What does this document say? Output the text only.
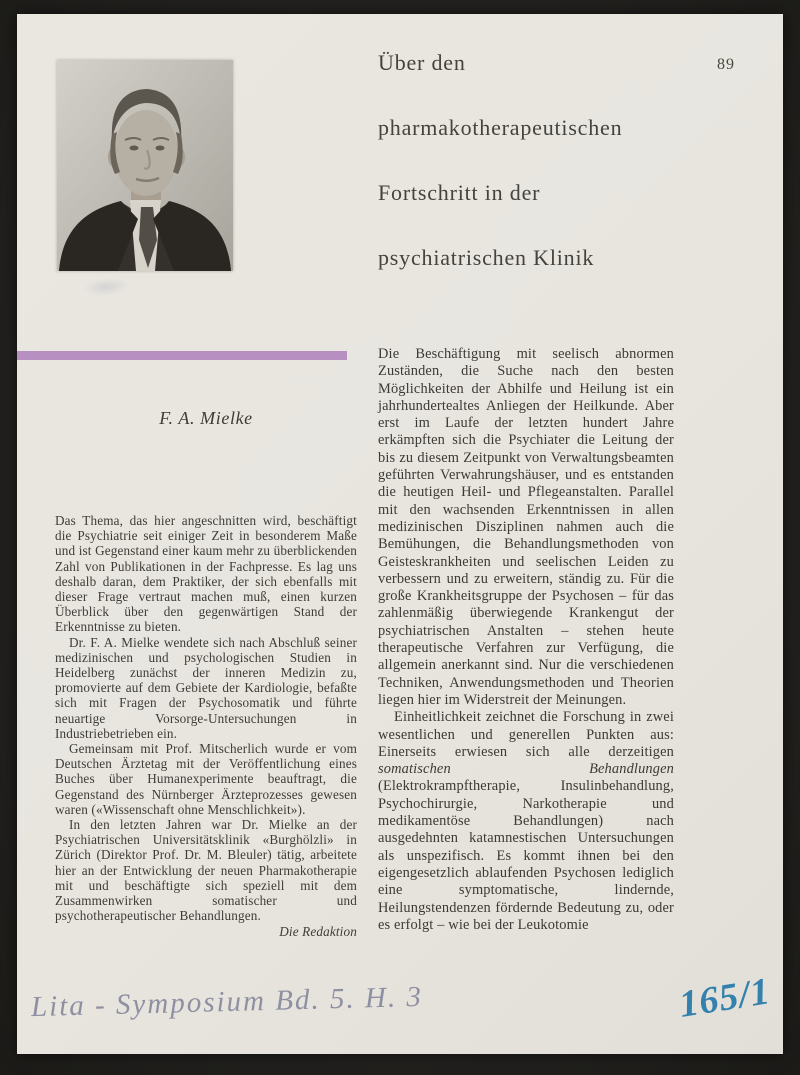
Über den
pharmakotherapeutischen
Fortschritt in der
psychiatrischen Klinik
89
F. A. Mielke

Das Thema, das hier angeschnitten wird, beschäftigt die Psychiatrie seit einiger Zeit in besonderem Maße und ist Gegenstand einer kaum mehr zu überblickenden Zahl von Publikationen in der Fachpresse. Es lag uns deshalb daran, dem Praktiker, der sich ebenfalls mit dieser Frage vertraut machen muß, einen kurzen Überblick über den gegenwärtigen Stand der Erkenntnisse zu bieten.

Dr. F. A. Mielke wendete sich nach Abschluß seiner medizinischen und psychologischen Studien in Heidelberg zunächst der inneren Medizin zu, promovierte auf dem Gebiete der Kardiologie, befaßte sich mit Fragen der Psychosomatik und führte neuartige Vorsorge-Untersuchungen in Industriebetrieben ein.

Gemeinsam mit Prof. Mitscherlich wurde er vom Deutschen Ärztetag mit der Veröffentlichung eines Buches über Humanexperimente beauftragt, die Gegenstand des Nürnberger Ärzteprozesses gewesen waren («Wissenschaft ohne Menschlichkeit»).

In den letzten Jahren war Dr. Mielke an der Psychiatrischen Universitätsklinik «Burghölzli» in Zürich (Direktor Prof. Dr. M. Bleuler) tätig, arbeitete hier an der Entwicklung der neuen Pharmakotherapie mit und beschäftigte sich speziell mit dem Zusammenwirken somatischer und psychotherapeutischer Behandlungen.

Die Redaktion

Die Beschäftigung mit seelisch abnormen Zuständen, die Suche nach den besten Möglichkeiten der Abhilfe und Heilung ist ein jahrhundertealtes Anliegen der Heilkunde. Aber erst im Laufe der letzten hundert Jahre erkämpften sich die Psychiater die Leitung der bis zu diesem Zeitpunkt von Verwaltungsbeamten geführten Verwahrungshäuser, und es entstanden die heutigen Heil- und Pflegeanstalten. Parallel mit den wachsenden Erkenntnissen in allen medizinischen Disziplinen nahmen auch die Bemühungen, die Behandlungsmethoden von Geisteskrankheiten und seelischen Leiden zu verbessern und zu erweitern, ständig zu. Für die große Krankheitsgruppe der Psychosen – für das zahlenmäßig überwiegende Krankengut der psychiatrischen Anstalten – stehen heute therapeutische Verfahren zur Verfügung, die allgemein anerkannt sind. Nur die verschiedenen Techniken, Anwendungsmethoden und Theorien liegen hier im Widerstreit der Meinungen.

Einheitlichkeit zeichnet die Forschung in zwei wesentlichen und generellen Punkten aus: Einerseits erwiesen sich alle derzeitigen somatischen Behandlungen (Elektrokrampftherapie, Insulinbehandlung, Psychochirurgie, Narkotherapie und medikamentöse Behandlungen) nach ausgedehnten katamnestischen Untersuchungen als unspezifisch. Es kommt ihnen bei den eigengesetzlich ablaufenden Psychosen lediglich eine symptomatische, lindernde, Heilungstendenzen fördernde Bedeutung zu, oder es erfolgt – wie bei der Leukotomie

Lita - Symposium Bd. 5. H. 3	165/1
